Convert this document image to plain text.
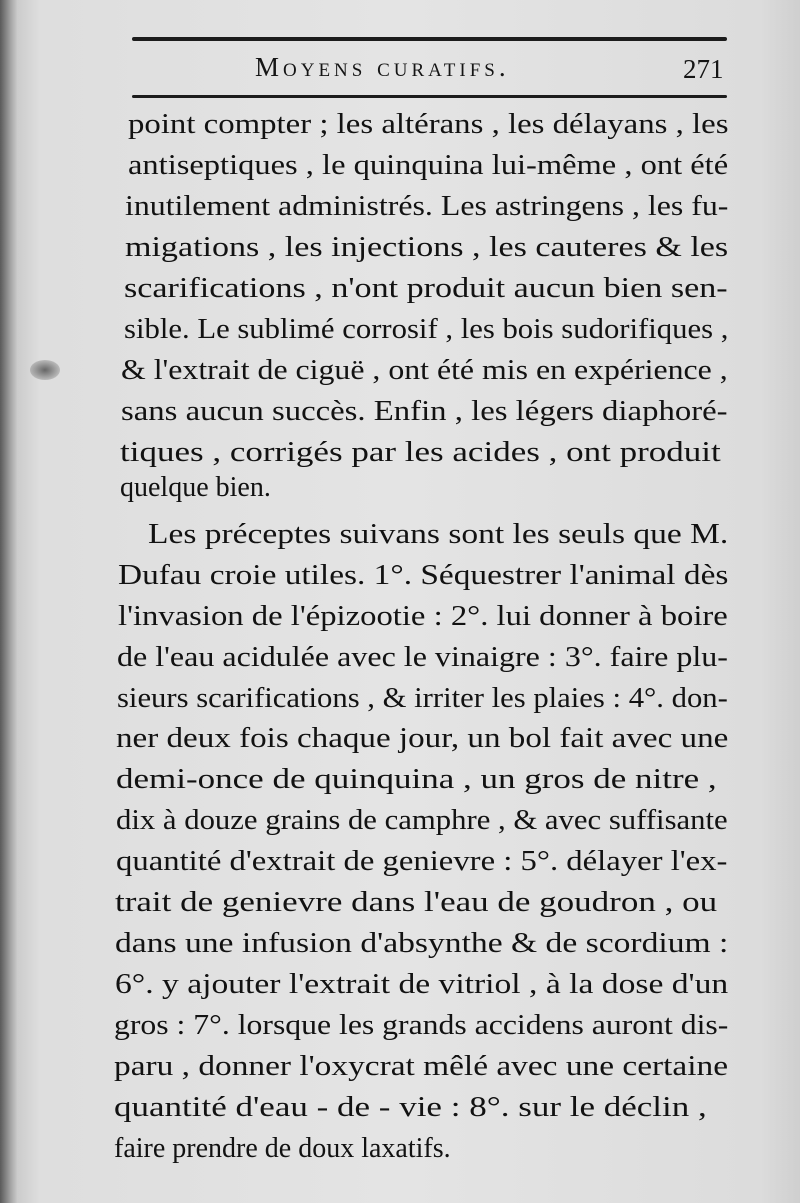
Moyens curatifs.	271
point compter ; les altérans , les délayans , les
antiseptiques , le quinquina lui-même , ont été
inutilement administrés. Les astringens , les fu-
migations , les injections , les cauteres & les
scarifications , n'ont produit aucun bien sen-
sible. Le sublimé corrosif , les bois sudorifiques ,
& l'extrait de ciguë , ont été mis en expérience ,
sans aucun succès. Enfin , les légers diaphoré-
tiques , corrigés par les acides , ont produit
quelque bien.
Les préceptes suivans sont les seuls que M.
Dufau croie utiles. 1°. Séquestrer l'animal dès
l'invasion de l'épizootie : 2°. lui donner à boire
de l'eau acidulée avec le vinaigre : 3°. faire plu-
sieurs scarifications , & irriter les plaies : 4°. don-
ner deux fois chaque jour, un bol fait avec une
demi-once de quinquina , un gros de nitre ,
dix à douze grains de camphre , & avec suffisante
quantité d'extrait de genievre : 5°. délayer l'ex-
trait de genievre dans l'eau de goudron , ou
dans une infusion d'absynthe & de scordium :
6°. y ajouter l'extrait de vitriol , à la dose d'un
gros : 7°. lorsque les grands accidens auront dis-
paru , donner l'oxycrat mêlé avec une certaine
quantité d'eau - de - vie : 8°. sur le déclin ,
faire prendre de doux laxatifs.
